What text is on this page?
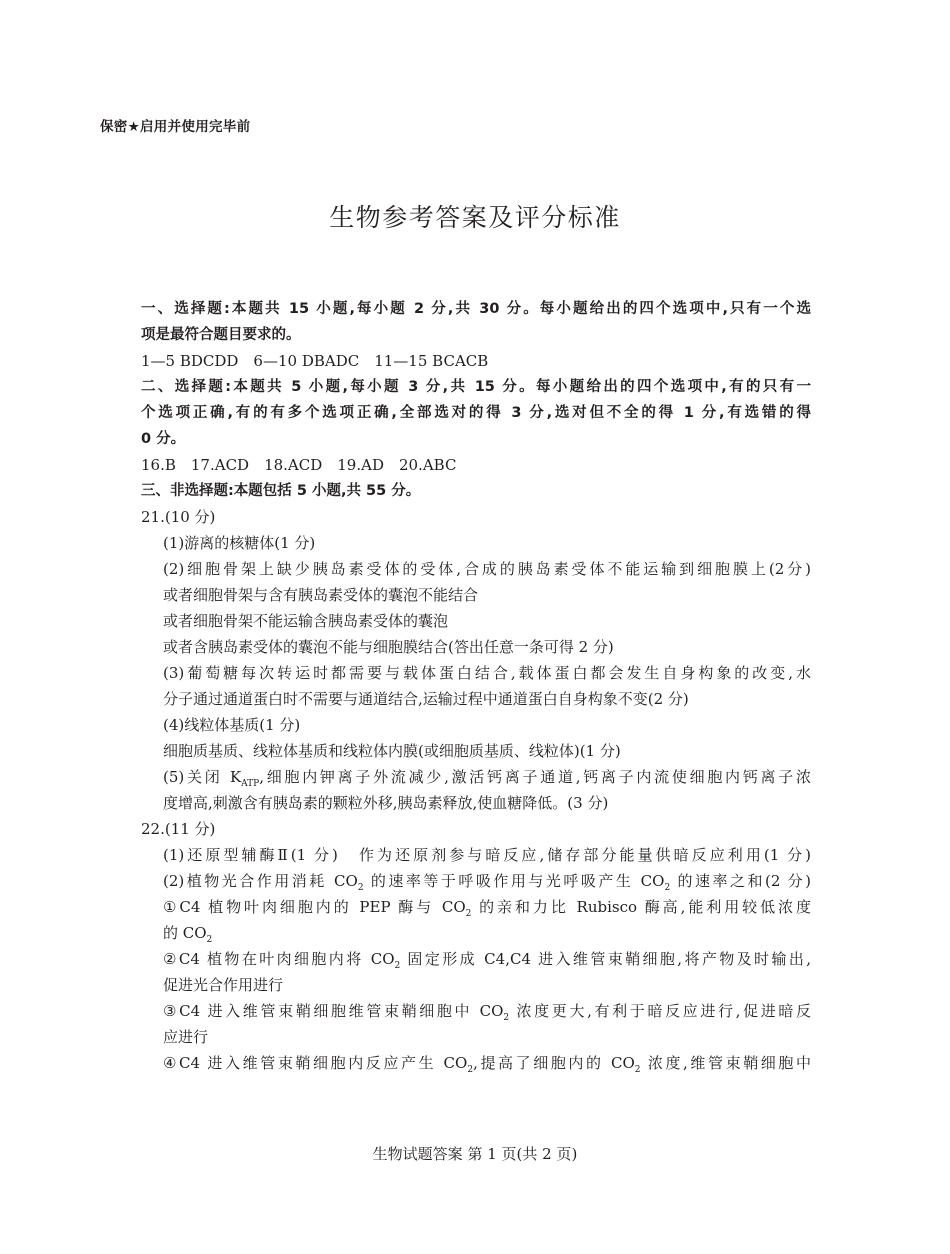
保密★启用并使用完毕前
生物参考答案及评分标准
一、选择题:本题共 15 小题,每小题 2 分,共 30 分。每小题给出的四个选项中,只有一个选
项是最符合题目要求的。
1—5 BDCDD　6—10 DBADC　11—15 BCACB
二、选择题:本题共 5 小题,每小题 3 分,共 15 分。每小题给出的四个选项中,有的只有一
个选项正确,有的有多个选项正确,全部选对的得 3 分,选对但不全的得 1 分,有选错的得
0 分。
16.B　17.ACD　18.ACD　19.AD　20.ABC
三、非选择题:本题包括 5 小题,共 55 分。
21.(10 分)
(1)游离的核糖体(1 分)
(2)细胞骨架上缺少胰岛素受体的受体,合成的胰岛素受体不能运输到细胞膜上(2分)
或者细胞骨架与含有胰岛素受体的囊泡不能结合
或者细胞骨架不能运输含胰岛素受体的囊泡
或者含胰岛素受体的囊泡不能与细胞膜结合(答出任意一条可得 2 分)
(3)葡萄糖每次转运时都需要与载体蛋白结合,载体蛋白都会发生自身构象的改变,水
分子通过通道蛋白时不需要与通道结合,运输过程中通道蛋白自身构象不变(2 分)
(4)线粒体基质(1 分)
细胞质基质、线粒体基质和线粒体内膜(或细胞质基质、线粒体)(1 分)
(5)关闭 $K_{ATP}$,细胞内钾离子外流减少,激活钙离子通道,钙离子内流使细胞内钙离子浓
度增高,刺激含有胰岛素的颗粒外移,胰岛素释放,使血糖降低。(3 分)
22.(11 分)
(1)还原型辅酶Ⅱ(1 分)　作为还原剂参与暗反应,储存部分能量供暗反应利用(1 分)
(2)植物光合作用消耗 $CO_2$ 的速率等于呼吸作用与光呼吸产生 $CO_2$ 的速率之和(2 分)
①C4 植物叶肉细胞内的 PEP 酶与 $CO_2$ 的亲和力比 Rubisco 酶高,能利用较低浓度
的 $CO_2$
②C4 植物在叶肉细胞内将 $CO_2$ 固定形成 C4,C4 进入维管束鞘细胞,将产物及时输出,
促进光合作用进行
③C4 进入维管束鞘细胞维管束鞘细胞中 $CO_2$ 浓度更大,有利于暗反应进行,促进暗反
应进行
④C4 进入维管束鞘细胞内反应产生 $CO_2$,提高了细胞内的 $CO_2$ 浓度,维管束鞘细胞中
生物试题答案 第 1 页(共 2 页)
